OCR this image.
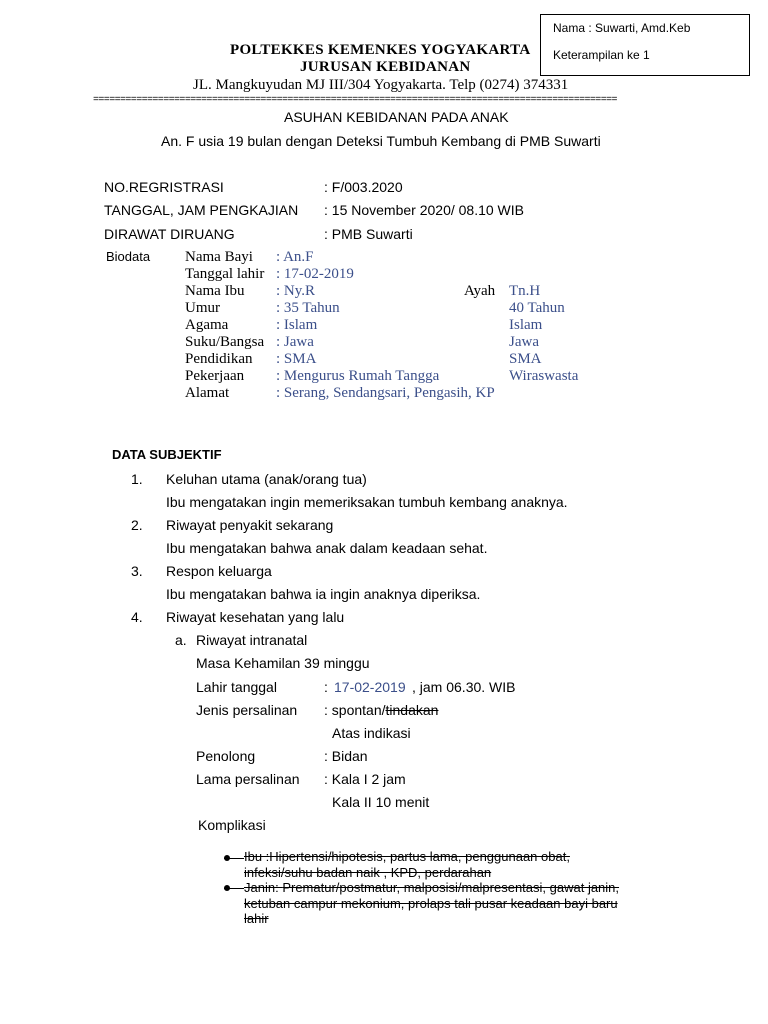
Nama : Suwarti, Amd.Keb
Keterampilan ke 1
POLTEKKES KEMENKES YOGYAKARTA
JURUSAN KEBIDANAN
JL. Mangkuyudan MJ III/304 Yogyakarta. Telp (0274) 374331
=================================================================================================
ASUHAN KEBIDANAN PADA ANAK
An. F usia 19 bulan dengan Deteksi Tumbuh Kembang di PMB Suwarti
NO.REGRISTRASI	: F/003.2020
TANGGAL, JAM PENGKAJIAN : 15 November 2020/ 08.10 WIB
DIRAWAT DIRUANG	: PMB Suwarti
Biodata Nama Bayi : An.F
Tanggal lahir : 17-02-2019
Nama Ibu : Ny.R	Ayah Tn.H
Umur	: 35 Tahun	40 Tahun
Agama	: Islam	Islam
Suku/Bangsa : Jawa	Jawa
Pendidikan : SMA	SMA
Pekerjaan : Mengurus Rumah Tangga	Wiraswasta
Alamat	: Serang, Sendangsari, Pengasih, KP
DATA SUBJEKTIF
1. Keluhan utama (anak/orang tua)
Ibu mengatakan ingin memeriksakan tumbuh kembang anaknya.
2. Riwayat penyakit sekarang
Ibu mengatakan bahwa anak dalam keadaan sehat.
3. Respon keluarga
Ibu mengatakan bahwa ia ingin anaknya diperiksa.
4. Riwayat kesehatan yang lalu
a. Riwayat intranatal
Masa Kehamilan 39 minggu
Lahir tanggal	: 17-02-2019 , jam 06.30. WIB
Jenis persalinan : spontan/tindakan
Atas indikasi
Penolong	: Bidan
Lama persalinan : Kala I 2 jam
Kala II 10 menit
Komplikasi
Ibu :Hipertensi/hipotesis, partus lama, penggunaan obat,
infeksi/suhu badan naik , KPD, perdarahan
Janin: Prematur/postmatur, malposisi/malpresentasi, gawat janin,
ketuban campur mekonium, prolaps tali pusar keadaan bayi baru
lahir
